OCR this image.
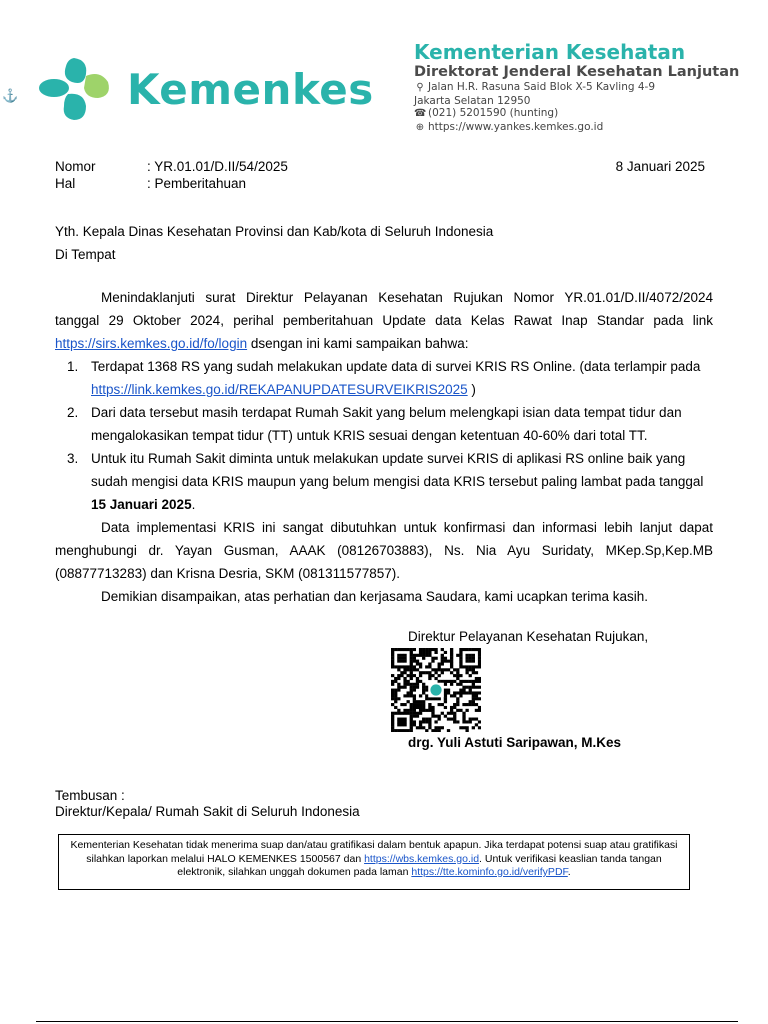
⚓	Kemenkes
Kementerian Kesehatan
Direktorat Jenderal Kesehatan Lanjutan
⚲ Jalan H.R. Rasuna Said Blok X-5 Kavling 4-9
Jakarta Selatan 12950
☎ (021) 5201590 (hunting)
⊕ https://www.yankes.kemkes.go.id
Nomor	: YR.01.01/D.II/54/2025
Hal	: Pemberitahuan
8 Januari 2025
Yth. Kepala Dinas Kesehatan Provinsi dan Kab/kota di Seluruh Indonesia
Di Tempat

Menindaklanjuti surat Direktur Pelayanan Kesehatan Rujukan Nomor YR.01.01/D.II/4072/2024 tanggal 29 Oktober 2024, perihal pemberitahuan Update data Kelas Rawat Inap Standar pada link https://sirs.kemkes.go.id/fo/login dsengan ini kami sampaikan bahwa:

1. Terdapat 1368 RS yang sudah melakukan update data di survei KRIS RS Online. (data terlampir pada https://link.kemkes.go.id/REKAPANUPDATESURVEIKRIS2025 )
2. Dari data tersebut masih terdapat Rumah Sakit yang belum melengkapi isian data tempat tidur dan mengalokasikan tempat tidur (TT) untuk KRIS sesuai dengan ketentuan 40-60% dari total TT.
3. Untuk itu Rumah Sakit diminta untuk melakukan update survei KRIS di aplikasi RS online baik yang sudah mengisi data KRIS maupun yang belum mengisi data KRIS tersebut paling lambat pada tanggal 15 Januari 2025.

Data implementasi KRIS ini sangat dibutuhkan untuk konfirmasi dan informasi lebih lanjut dapat menghubungi dr. Yayan Gusman, AAAK (08126703883), Ns. Nia Ayu Suridaty, MKep.Sp,Kep.MB (08877713283) dan Krisna Desria, SKM (081311577857).

Demikian disampaikan, atas perhatian dan kerjasama Saudara, kami ucapkan terima kasih.

Direktur Pelayanan Kesehatan Rujukan,
drg. Yuli Astuti Saripawan, M.Kes
Tembusan :
Direktur/Kepala/ Rumah Sakit di Seluruh Indonesia
Kementerian Kesehatan tidak menerima suap dan/atau gratifikasi dalam bentuk apapun. Jika terdapat potensi suap atau gratifikasi silahkan laporkan melalui HALO KEMENKES 1500567 dan https://wbs.kemkes.go.id. Untuk verifikasi keaslian tanda tangan elektronik, silahkan unggah dokumen pada laman https://tte.kominfo.go.id/verifyPDF.
